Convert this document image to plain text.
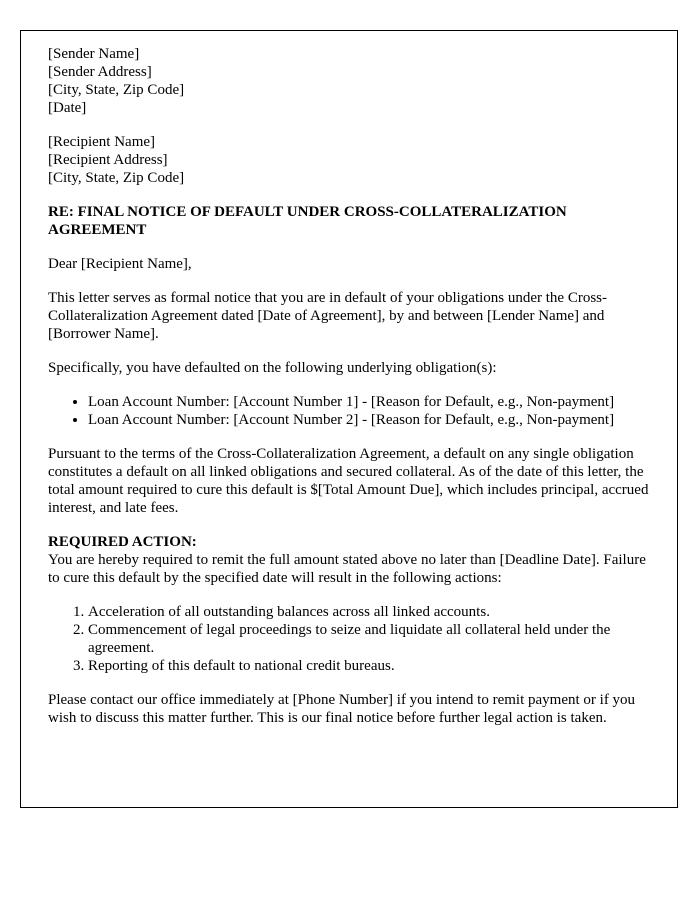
[Sender Name]

[Sender Address]

[City, State, Zip Code]

[Date]

[Recipient Name]

[Recipient Address]

[City, State, Zip Code]

RE: FINAL NOTICE OF DEFAULT UNDER CROSS-COLLATERALIZATION AGREEMENT

Dear [Recipient Name],

This letter serves as formal notice that you are in default of your obligations under the Cross-Collateralization Agreement dated [Date of Agreement], by and between [Lender Name] and [Borrower Name].

Specifically, you have defaulted on the following underlying obligation(s):

• Loan Account Number: [Account Number 1] - [Reason for Default, e.g., Non-payment]
• Loan Account Number: [Account Number 2] - [Reason for Default, e.g., Non-payment]

Pursuant to the terms of the Cross-Collateralization Agreement, a default on any single obligation constitutes a default on all linked obligations and secured collateral. As of the date of this letter, the total amount required to cure this default is $[Total Amount Due], which includes principal, accrued interest, and late fees.

REQUIRED ACTION:

You are hereby required to remit the full amount stated above no later than [Deadline Date]. Failure to cure this default by the specified date will result in the following actions:

1. Acceleration of all outstanding balances across all linked accounts.
2. Commencement of legal proceedings to seize and liquidate all collateral held under the agreement.
3. Reporting of this default to national credit bureaus.

Please contact our office immediately at [Phone Number] if you intend to remit payment or if you wish to discuss this matter further. This is our final notice before further legal action is taken.
